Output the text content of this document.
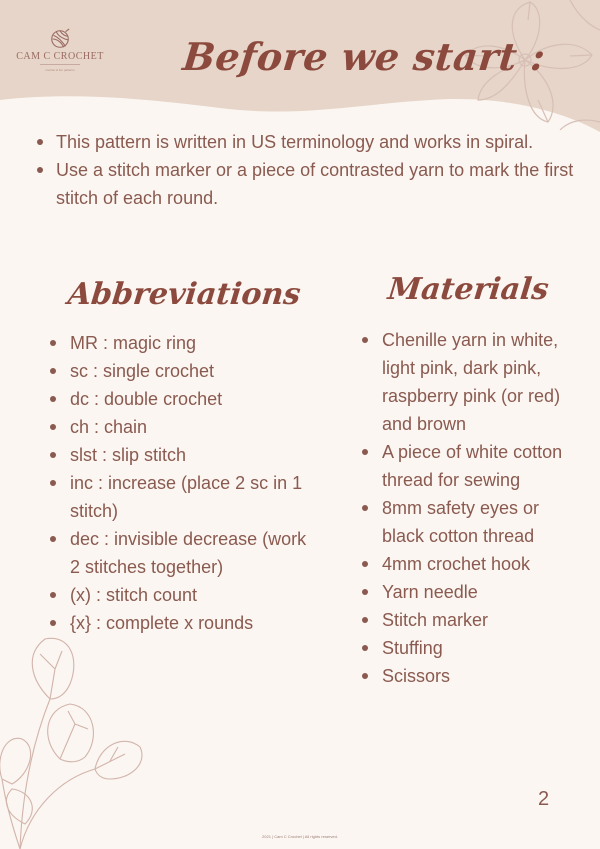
CAM C CROCHET
crochet & fun patterns	Before we start :
This pattern is written in US terminology and works in spiral.
Use a stitch marker or a piece of contrasted yarn to mark the first stitch of each round.
Abbreviations	Materials
MR : magic ring
sc : single crochet
dc : double crochet
ch : chain
slst : slip stitch
inc : increase (place 2 sc in 1 stitch)
dec : invisible decrease (work 2 stitches together)
(x) : stitch count
{x} : complete x rounds
Chenille yarn in white, light pink, dark pink, raspberry pink (or red) and brown
A piece of white cotton thread for sewing
8mm safety eyes or black cotton thread
4mm crochet hook
Yarn needle
Stitch marker
Stuffing
Scissors
2
2021 | Cam C Crochet | All rights reserved.
